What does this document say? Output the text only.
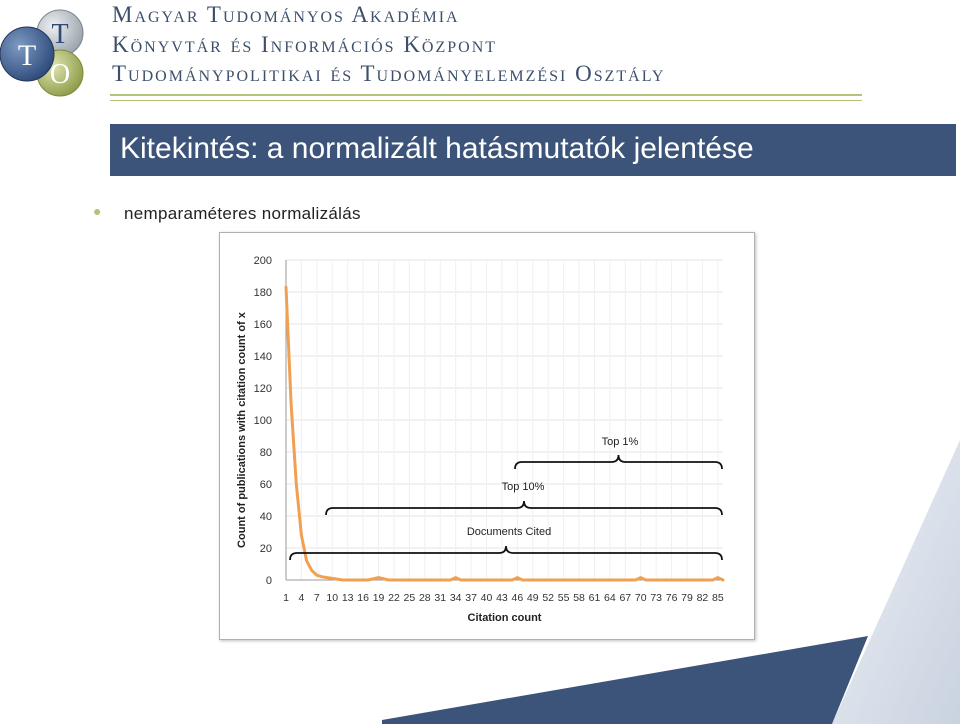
T
T
O
Magyar Tudományos Akadémia
Könyvtár és Információs Központ
Tudománypolitikai és Tudományelemzési Osztály
Kitekintés: a normalizált hatásmutatók jelentése
● nemparaméteres normalizálás
0
20
40
60
80
100
120
140
160
180
200
1 4 7 10 13 16 19 22 25 28 31 34 37 40 43 46 49 52 55 58 61 64 67 70 73 76 79 82 85
Citation count
Count of publications with citation count of x	Top 1%
Top 10%
Documents Cited
